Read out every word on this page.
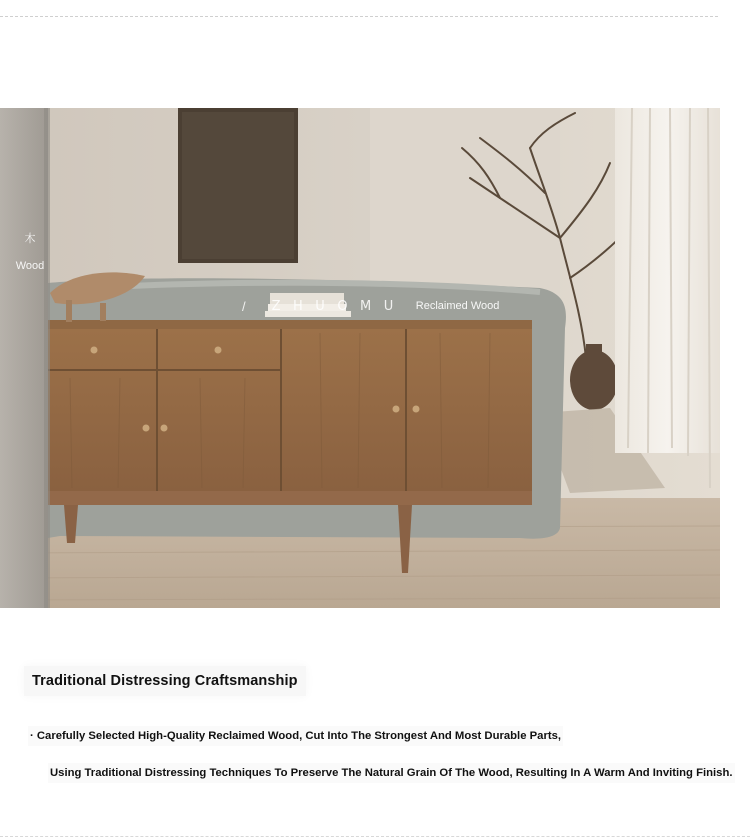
木
Wood
/ ZHUOMU Reclaimed Wood
Traditional Distressing Craftsmanship
· Carefully Selected High-Quality Reclaimed Wood, Cut Into The Strongest And Most Durable Parts,
Using Traditional Distressing Techniques To Preserve The Natural Grain Of The Wood, Resulting In A Warm And Inviting Finish.
